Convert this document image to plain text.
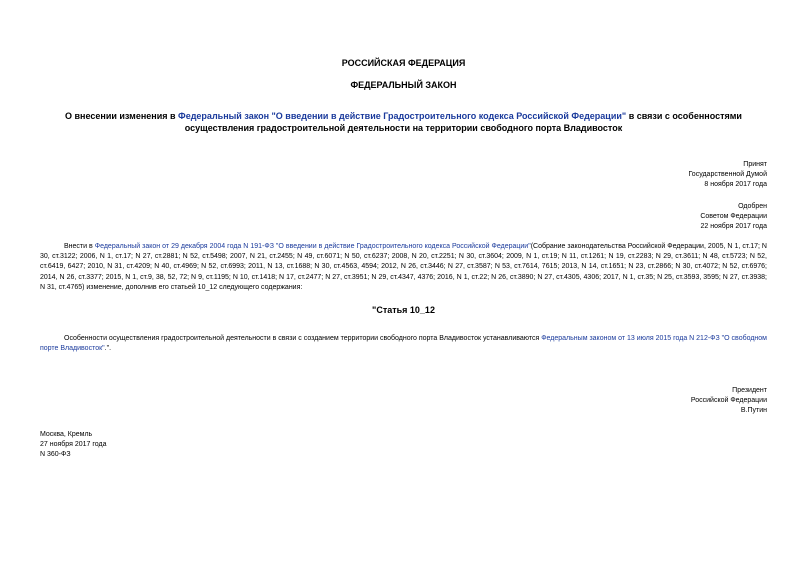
РОССИЙСКАЯ ФЕДЕРАЦИЯ

ФЕДЕРАЛЬНЫЙ ЗАКОН

О внесении изменения в Федеральный закон "О введении в действие Градостроительного кодекса Российской Федерации" в связи с особенностями осуществления градостроительной деятельности на территории свободного порта Владивосток

Принят
Государственной Думой
8 ноября 2017 года

Одобрен
Советом Федерации
22 ноября 2017 года

Внести в Федеральный закон от 29 декабря 2004 года N 191-ФЗ "О введении в действие Градостроительного кодекса Российской Федерации"(Собрание законодательства Российской Федерации, 2005, N 1, ст.17; N 30, ст.3122; 2006, N 1, ст.17; N 27, ст.2881; N 52, ст.5498; 2007, N 21, ст.2455; N 49, ст.6071; N 50, ст.6237; 2008, N 20, ст.2251; N 30, ст.3604; 2009, N 1, ст.19; N 11, ст.1261; N 19, ст.2283; N 29, ст.3611; N 48, ст.5723; N 52, ст.6419, 6427; 2010, N 31, ст.4209; N 40, ст.4969; N 52, ст.6993; 2011, N 13, ст.1688; N 30, ст.4563, 4594; 2012, N 26, ст.3446; N 27, ст.3587; N 53, ст.7614, 7615; 2013, N 14, ст.1651; N 23, ст.2866; N 30, ст.4072; N 52, ст.6976; 2014, N 26, ст.3377; 2015, N 1, ст.9, 38, 52, 72; N 9, ст.1195; N 10, ст.1418; N 17, ст.2477; N 27, ст.3951; N 29, ст.4347, 4376; 2016, N 1, ст.22; N 26, ст.3890; N 27, ст.4305, 4306; 2017, N 1, ст.35; N 25, ст.3593, 3595; N 27, ст.3938; N 31, ст.4765) изменение, дополнив его статьей 10_12 следующего содержания:

"Статья 10_12

Особенности осуществления градостроительной деятельности в связи с созданием территории свободного порта Владивосток устанавливаются Федеральным законом от 13 июля 2015 года N 212-ФЗ "О свободном порте Владивосток".".

Президент
Российской Федерации
В.Путин

Москва, Кремль
27 ноября 2017 года
N 360-ФЗ
